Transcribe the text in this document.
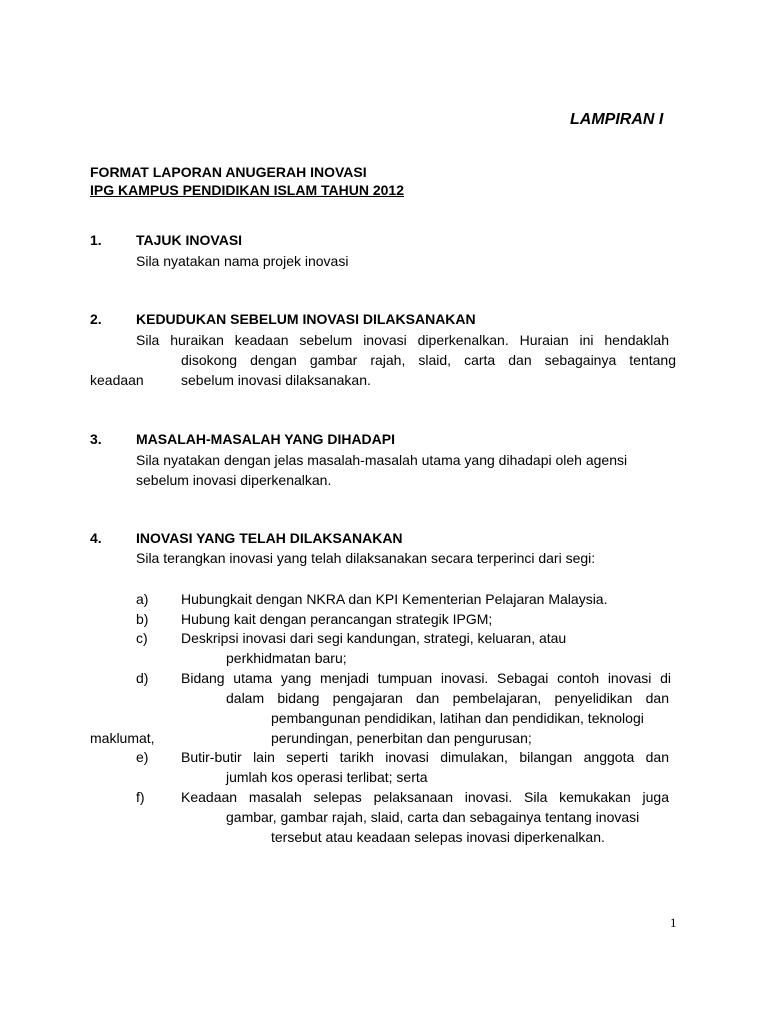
LAMPIRAN I
FORMAT LAPORAN ANUGERAH INOVASI
IPG KAMPUS PENDIDIKAN ISLAM TAHUN 2012
1. TAJUK INOVASI
Sila nyatakan nama projek inovasi
2. KEDUDUKAN SEBELUM INOVASI DILAKSANAKAN
Sila huraikan keadaan sebelum inovasi diperkenalkan. Huraian ini hendaklah
disokong dengan gambar rajah, slaid, carta dan sebagainya tentang
keadaan	sebelum inovasi dilaksanakan.
3. MASALAH-MASALAH YANG DIHADAPI
Sila nyatakan dengan jelas masalah-masalah utama yang dihadapi oleh agensi
sebelum inovasi diperkenalkan.
4. INOVASI YANG TELAH DILAKSANAKAN
Sila terangkan inovasi yang telah dilaksanakan secara terperinci dari segi:
a) Hubungkait dengan NKRA dan KPI Kementerian Pelajaran Malaysia.
b) Hubung kait dengan perancangan strategik IPGM;
c) Deskripsi inovasi dari segi kandungan, strategi, keluaran, atau
perkhidmatan baru;
d) Bidang utama yang menjadi tumpuan inovasi. Sebagai contoh inovasi di
dalam bidang pengajaran dan pembelajaran, penyelidikan dan
pembangunan pendidikan, latihan dan pendidikan, teknologi
maklumat,	perundingan, penerbitan dan pengurusan;
e) Butir-butir lain seperti tarikh inovasi dimulakan, bilangan anggota dan
jumlah kos operasi terlibat; serta
f)	Keadaan masalah selepas pelaksanaan inovasi. Sila kemukakan juga
gambar, gambar rajah, slaid, carta dan sebagainya tentang inovasi
tersebut atau keadaan selepas inovasi diperkenalkan.
1
